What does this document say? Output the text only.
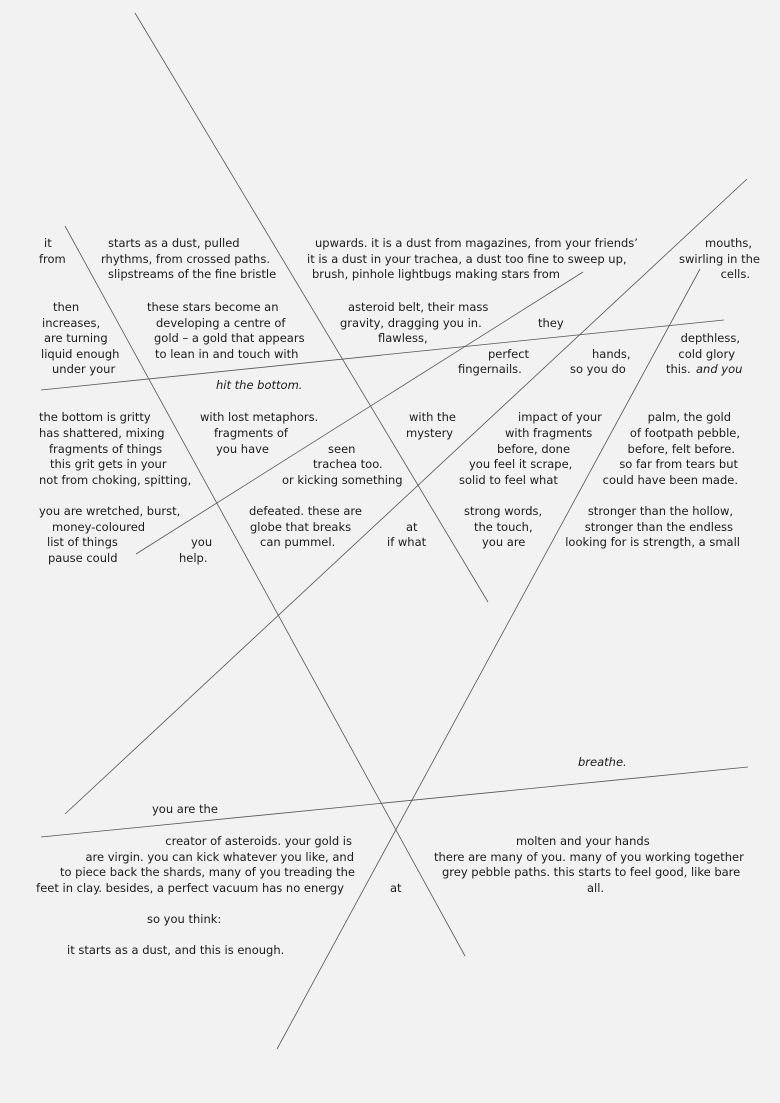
it	starts as a dust, pulled	upwards. it is a dust from magazines, from your friends’	mouths,
from	rhythms, from crossed paths.	it is a dust in your trachea, a dust too fine to sweep up,	swirling in the
slipstreams of the fine bristle	brush, pinhole lightbugs making stars from	cells.
then	these stars become an	asteroid belt, their mass
increases,	developing a centre of	gravity, dragging you in.	they
are turning	gold – a gold that appears	flawless,	depthless,
liquid enough	to lean in and touch with	perfect	hands,	cold glory
under your	fingernails.	so you do	this. and you
hit the bottom.
the bottom is gritty	with lost metaphors.	with the	impact of your	palm, the gold
has shattered, mixing	fragments of	mystery	with fragments	of footpath pebble,
fragments of things	you have	seen	before, done	before, felt before.
this grit gets in your	trachea too.	you feel it scrape,	so far from tears but
not from choking, spitting,	or kicking something	solid to feel what	could have been made.
you are wretched, burst,	defeated. these are	strong words,	stronger than the hollow,
money-coloured	globe that breaks	at	the touch,	stronger than the endless
list of things	you	can pummel.	if what	you are	looking for is strength, a small
pause could	help.
breathe.
you are the
creator of asteroids. your gold is	molten and your hands
are virgin. you can kick whatever you like, and	there are many of you. many of you working together
to piece back the shards, many of you treading the	grey pebble paths. this starts to feel good, like bare
feet in clay. besides, a perfect vacuum has no energy	at	all.
so you think:
it starts as a dust, and this is enough.
